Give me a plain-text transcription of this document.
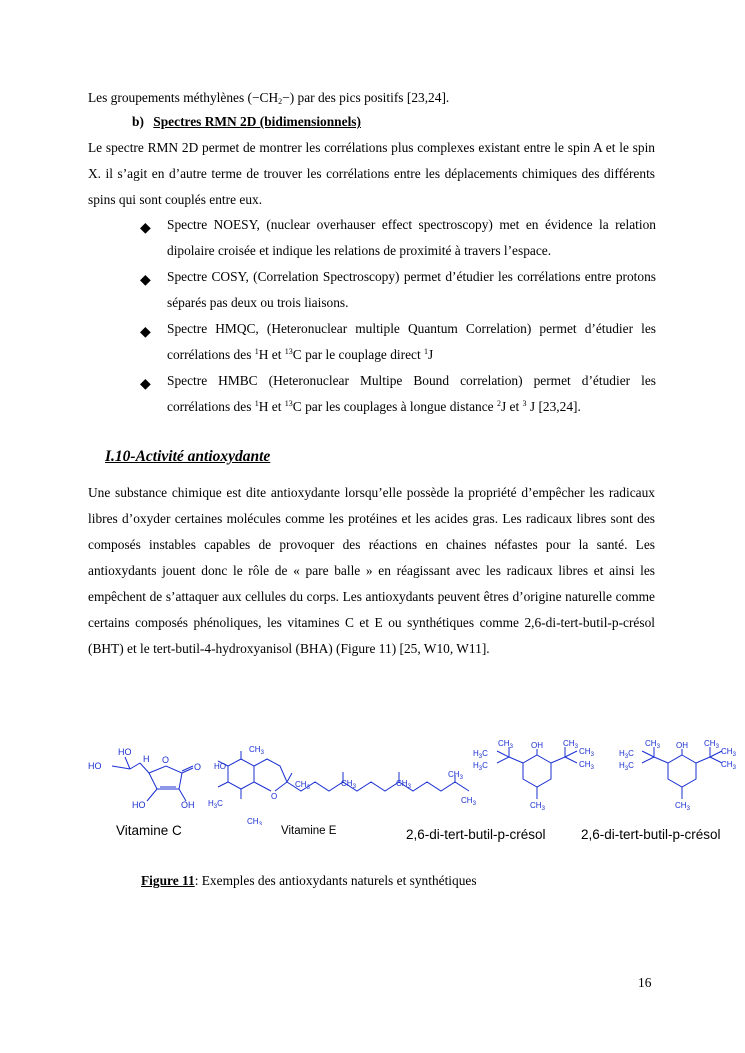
Les groupements méthylènes $(-CH_2-)$ par des pics positifs [23,24].

b) Spectres RMN 2D (bidimensionnels)

Le spectre RMN 2D permet de montrer les corrélations plus complexes existant entre le spin A et le spin X. il s’agit en d’autre terme de trouver les corrélations entre les déplacements chimiques des différents spins qui sont couplés entre eux.

◆ Spectre NOESY, (nuclear overhauser effect spectroscopy) met en évidence la relation dipolaire croisée et indique les relations de proximité à travers l’espace.
◆ Spectre COSY, (Correlation Spectroscopy) permet d’étudier les corrélations entre protons séparés pas deux ou trois liaisons.
◆ Spectre HMQC, (Heteronuclear multiple Quantum Correlation) permet d’étudier les corrélations des $^1$H et $^{13}$C par le couplage direct $^1$J
◆ Spectre HMBC (Heteronuclear Multipe Bound correlation) permet d’étudier les corrélations des $^1$H et $^{13}$C par les couplages à longue distance $^2$J et $^3$ J [23,24].
I.10-Activité antioxydante

Une substance chimique est dite antioxydante lorsqu’elle possède la propriété d’empêcher les radicaux libres d’oxyder certaines molécules comme les protéines et les acides gras. Les radicaux libres sont des composés instables capables de provoquer des réactions en chaines néfastes pour la santé. Les antioxydants jouent donc le rôle de « pare balle » en réagissant avec les radicaux libres et ainsi les empêchent de s’attaquer aux cellules du corps. Les antioxydants peuvent êtres d’origine naturelle comme certains composés phénoliques, les vitamines C et E ou synthétiques comme 2,6-di-tert-butil-p-crésol (BHT) et le tert-butil-4-hydroxyanisol (BHA) (Figure 11) [25, W10, W11].

HO
HO
H O
O
HO	OH
$CH_3$
HO
$H_3C$
$CH_3$
O
$CH_3$	$CH_3$	$CH_3$
$CH_3$
$CH_3$
OH
$CH_3$
$H_3C$
$H_3C$
$CH_3$ $CH_3$
$CH_3$
$CH_3$
OH
$CH_3$
$H_3C$
$H_3C$
$CH_3$ $CH_3$
$CH_3$
$CH_3$
Vitamine C	Vitamine E	2,6-di-tert-butil-p-crésol	2,6-di-tert-butil-p-crésol
Figure 11: Exemples des antioxydants naturels et synthétiques
16
